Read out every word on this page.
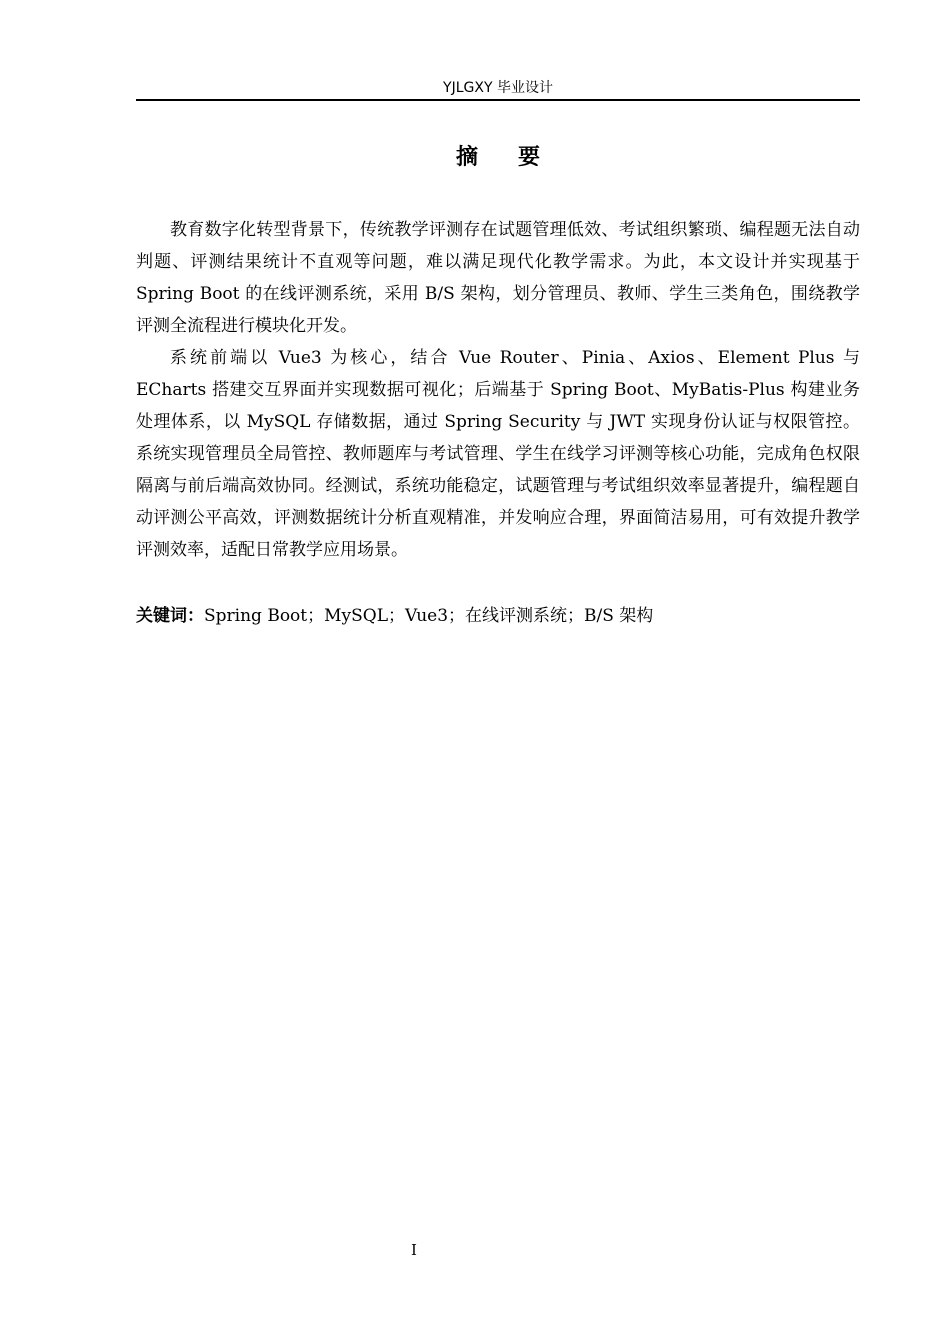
YJLGXY 毕业设计
摘要

教育数字化转型背景下，传统教学评测存在试题管理低效、考试组织繁琐、编程题无法自动判题、评测结果统计不直观等问题，难以满足现代化教学需求。为此，本文设计并实现基于 Spring Boot 的在线评测系统，采用 B/S 架构，划分管理员、教师、学生三类角色，围绕教学评测全流程进行模块化开发。

系统前端以 Vue3 为核心，结合 Vue Router、Pinia、Axios、Element Plus 与 ECharts 搭建交互界面并实现数据可视化；后端基于 Spring Boot、MyBatis-Plus 构建业务处理体系，以 MySQL 存储数据，通过 Spring Security 与 JWT 实现身份认证与权限管控。系统实现管理员全局管控、教师题库与考试管理、学生在线学习评测等核心功能，完成角色权限隔离与前后端高效协同。经测试，系统功能稳定，试题管理与考试组织效率显著提升，编程题自动评测公平高效，评测数据统计分析直观精准，并发响应合理，界面简洁易用，可有效提升教学评测效率，适配日常教学应用场景。

关键词：Spring Boot；MySQL；Vue3；在线评测系统；B/S 架构
I
